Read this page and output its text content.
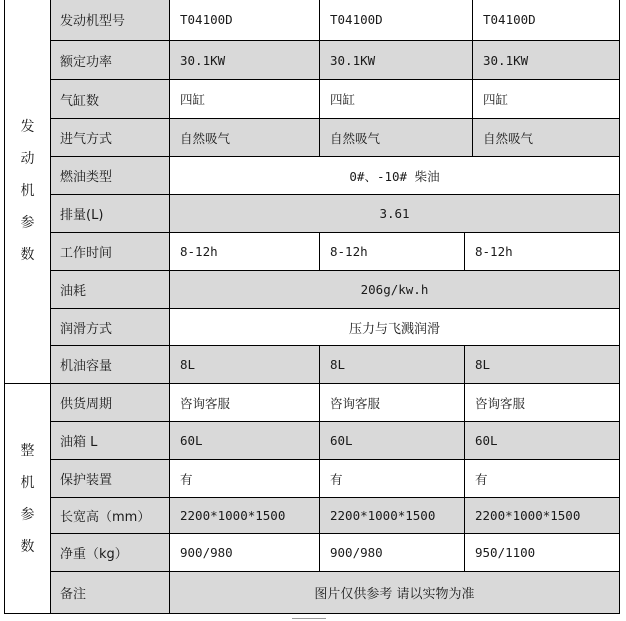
发
动
机
参
数
整
机
参
数
发动机型号	T04100D	T04100D	T04100D
额定功率	30.1KW	30.1KW	30.1KW
气缸数	四缸	四缸	四缸
进气方式	自然吸气	自然吸气	自然吸气
燃油类型	0#、-10# 柴油
排量(L)	3.61
工作时间	8-12h	8-12h	8-12h
油耗	206g/kw.h
润滑方式	压力与飞溅润滑
机油容量	8L	8L	8L
供货周期	咨询客服	咨询客服	咨询客服
油箱 L	60L	60L	60L
保护装置	有	有	有
长宽高（mm）	2200*1000*1500	2200*1000*1500	2200*1000*1500
净重（kg）	900/980	900/980	950/1100
备注	图片仅供参考 请以实物为准
